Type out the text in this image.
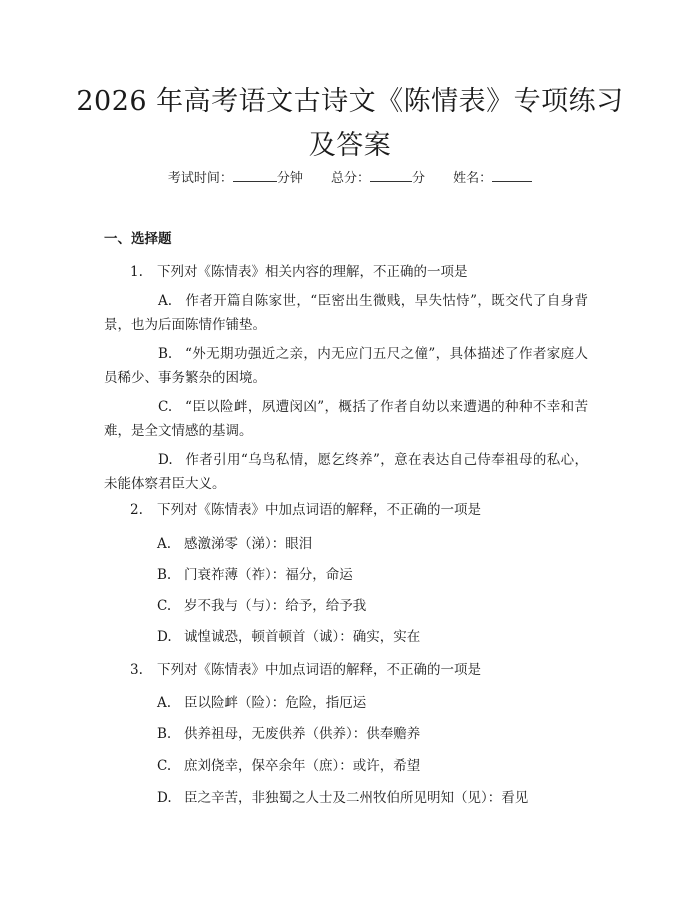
2026 年高考语文古诗文《陈情表》专项练习
及答案
考试时间：	分钟 总分：	分 姓名：
一、选择题
1. 下列对《陈情表》相关内容的理解，不正确的一项是
A. 作者开篇自陈家世，“臣密出生微贱，早失怙恃”，既交代了自身背景，也为后面陈情作铺垫。
B. “外无期功强近之亲，内无应门五尺之僮”，具体描述了作者家庭人员稀少、事务繁杂的困境。
C. “臣以险衅，夙遭闵凶”，概括了作者自幼以来遭遇的种种不幸和苦难，是全文情感的基调。
D. 作者引用“乌鸟私情，愿乞终养”，意在表达自己侍奉祖母的私心，未能体察君臣大义。
2. 下列对《陈情表》中加点词语的解释，不正确的一项是
A. 感激涕零（涕）：眼泪
B. 门衰祚薄（祚）：福分，命运
C. 岁不我与（与）：给予，给予我
D. 诚惶诚恐，顿首顿首（诚）：确实，实在
3. 下列对《陈情表》中加点词语的解释，不正确的一项是
A. 臣以险衅（险）：危险，指厄运
B. 供养祖母，无废供养（供养）：供奉赡养
C. 庶刘侥幸，保卒余年（庶）：或许，希望
D. 臣之辛苦，非独蜀之人士及二州牧伯所见明知（见）：看见
